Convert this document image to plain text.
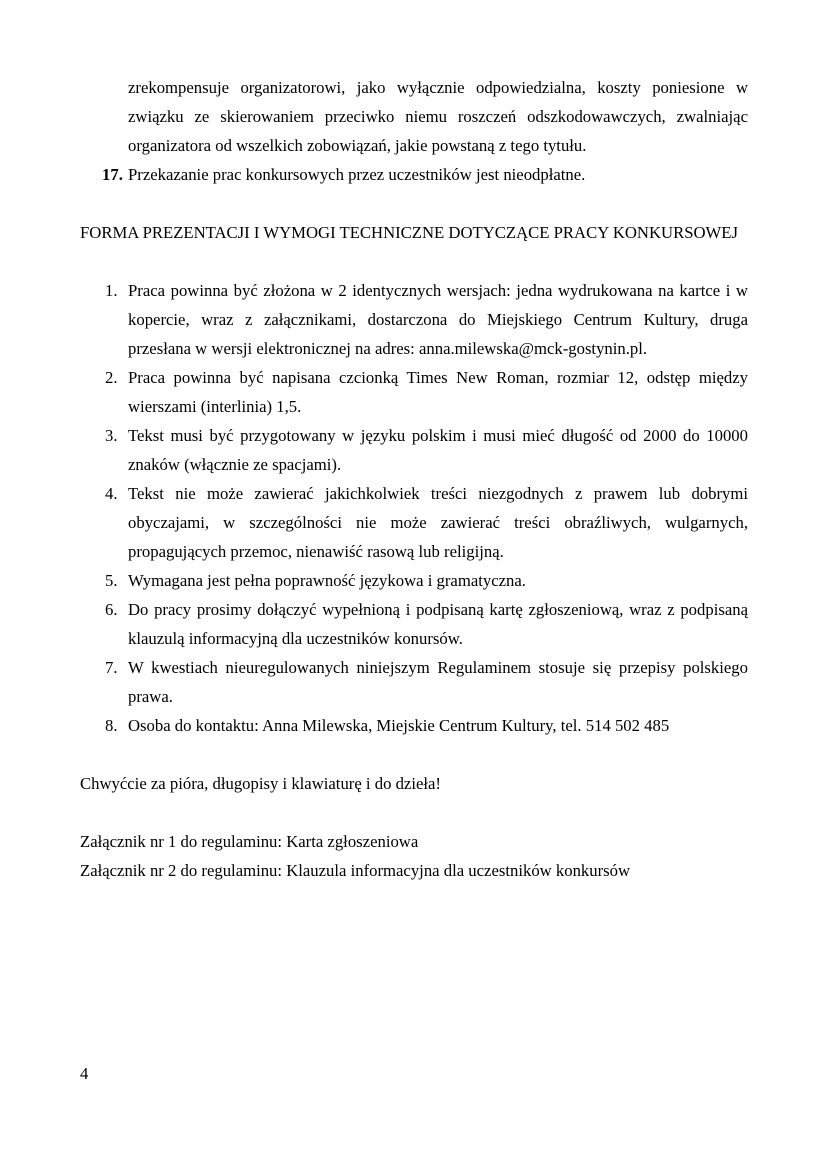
zrekompensuje organizatorowi, jako wyłącznie odpowiedzialna, koszty poniesione w związku ze skierowaniem przeciwko niemu roszczeń odszkodowawczych, zwalniając organizatora od wszelkich zobowiązań, jakie powstaną z tego tytułu.

17. Przekazanie prac konkursowych przez uczestników jest nieodpłatne.
FORMA PREZENTACJI I WYMOGI TECHNICZNE DOTYCZĄCE PRACY KONKURSOWEJ
1. Praca powinna być złożona w 2 identycznych wersjach: jedna wydrukowana na kartce i w kopercie, wraz z załącznikami, dostarczona do Miejskiego Centrum Kultury, druga przesłana w wersji elektronicznej na adres: anna.milewska@mck-gostynin.pl.
2. Praca powinna być napisana czcionką Times New Roman, rozmiar 12, odstęp między wierszami (interlinia) 1,5.
3. Tekst musi być przygotowany w języku polskim i musi mieć długość od 2000 do 10000 znaków (włącznie ze spacjami).
4. Tekst nie może zawierać jakichkolwiek treści niezgodnych z prawem lub dobrymi obyczajami, w szczególności nie może zawierać treści obraźliwych, wulgarnych, propagujących przemoc, nienawiść rasową lub religijną.
5. Wymagana jest pełna poprawność językowa i gramatyczna.
6. Do pracy prosimy dołączyć wypełnioną i podpisaną kartę zgłoszeniową, wraz z podpisaną klauzulą informacyjną dla uczestników konursów.
7. W kwestiach nieuregulowanych niniejszym Regulaminem stosuje się przepisy polskiego prawa.
8. Osoba do kontaktu: Anna Milewska, Miejskie Centrum Kultury, tel. 514 502 485

Chwyćcie za pióra, długopisy i klawiaturę i do dzieła!

Załącznik nr 1 do regulaminu: Karta zgłoszeniowa
Załącznik nr 2 do regulaminu: Klauzula informacyjna dla uczestników konkursów
4
